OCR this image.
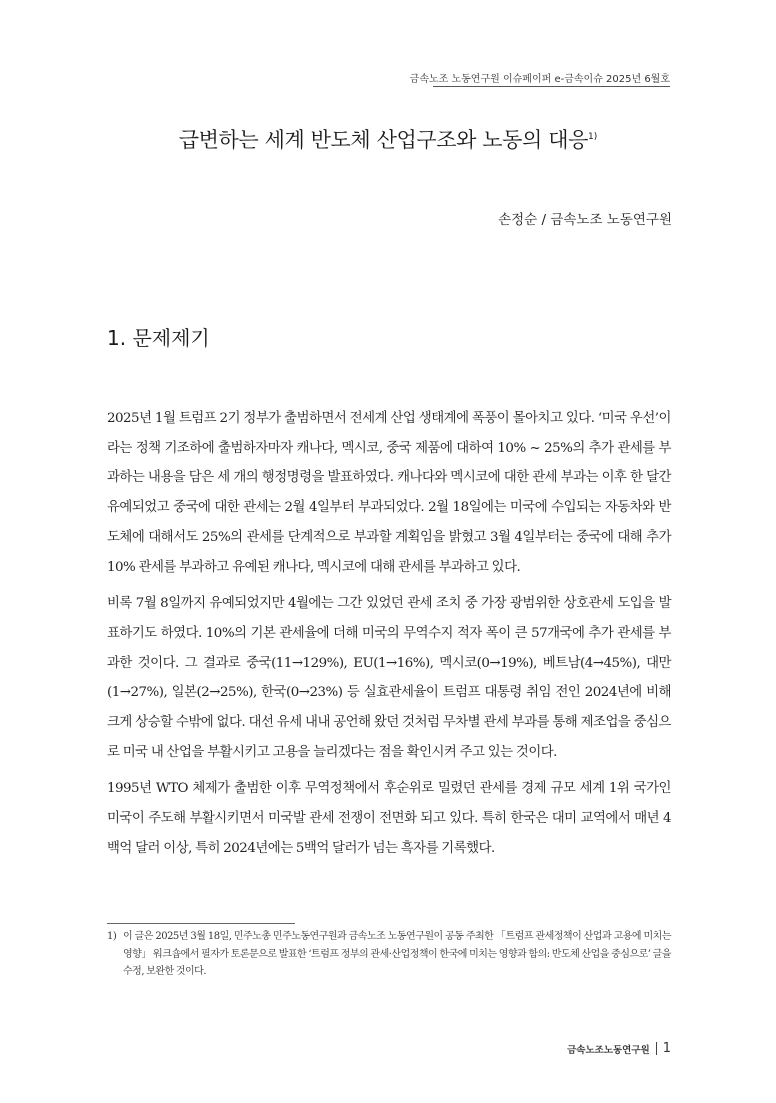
금속노조 노동연구원 이슈페이퍼 e-금속이슈 2025년 6월호
급변하는 세계 반도체 산업구조와 노동의 대응$^{1)}$
손정순 / 금속노조 노동연구원
1. 문제제기

2025년 1월 트럼프 2기 정부가 출범하면서 전세계 산업 생태계에 폭풍이 몰아치고 있다. ‘미국 우선’이라는 정책 기조하에 출범하자마자 캐나다, 멕시코, 중국 제품에 대하여 10% ~ 25%의 추가 관세를 부과하는 내용을 담은 세 개의 행정명령을 발표하였다. 캐나다와 멕시코에 대한 관세 부과는 이후 한 달간 유예되었고 중국에 대한 관세는 2월 4일부터 부과되었다. 2월 18일에는 미국에 수입되는 자동차와 반도체에 대해서도 25%의 관세를 단계적으로 부과할 계획임을 밝혔고 3월 4일부터는 중국에 대해 추가 10% 관세를 부과하고 유예된 캐나다, 멕시코에 대해 관세를 부과하고 있다.

비록 7월 8일까지 유예되었지만 4월에는 그간 있었던 관세 조치 중 가장 광범위한 상호관세 도입을 발표하기도 하였다. 10%의 기본 관세율에 더해 미국의 무역수지 적자 폭이 큰 57개국에 추가 관세를 부과한 것이다. 그 결과로 중국(11→129%), EU(1→16%), 멕시코(0→19%), 베트남(4→45%), 대만(1→27%), 일본(2→25%), 한국(0→23%) 등 실효관세율이 트럼프 대통령 취임 전인 2024년에 비해 크게 상승할 수밖에 없다. 대선 유세 내내 공언해 왔던 것처럼 무차별 관세 부과를 통해 제조업을 중심으로 미국 내 산업을 부활시키고 고용을 늘리겠다는 점을 확인시켜 주고 있는 것이다.

1995년 WTO 체제가 출범한 이후 무역정책에서 후순위로 밀렸던 관세를 경제 규모 세계 1위 국가인 미국이 주도해 부활시키면서 미국발 관세 전쟁이 전면화 되고 있다. 특히 한국은 대미 교역에서 매년 4백억 달러 이상, 특히 2024년에는 5백억 달러가 넘는 흑자를 기록했다.

1) 이 글은 2025년 3월 18일, 민주노총 민주노동연구원과 금속노조 노동연구원이 공동 주최한 「트럼프 관세정책이 산업과 고용에 미치는 영향」 워크숍에서 필자가 토론문으로 발표한 ‘트럼프 정부의 관세·산업정책이 한국에 미치는 영향과 함의: 반도체 산업을 중심으로’ 글을 수정, 보완한 것이다.
금속노조노동연구원 1
